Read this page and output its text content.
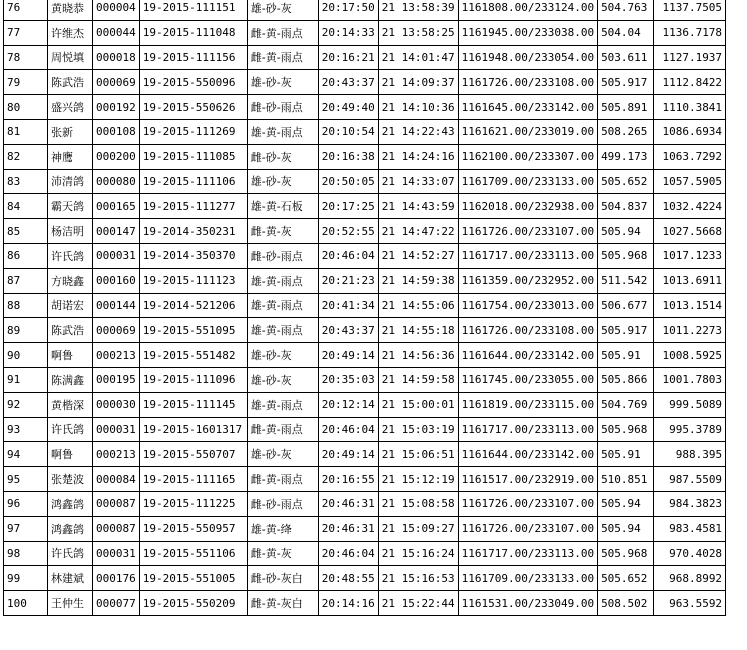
76	黄晓恭	000004	19-2015-111151	雄-砂-灰	20:17:50	21 13:58:39	1161808.00/233124.00	504.763	1137.7505
77	许维杰	000044	19-2015-111048	雌-黄-雨点	20:14:33	21 13:58:25	1161945.00/233038.00	504.04	1136.7178
78	周悦填	000018	19-2015-111156	雌-黄-雨点	20:16:21	21 14:01:47	1161948.00/233054.00	503.611	1127.1937
79	陈武浩	000069	19-2015-550096	雄-砂-灰	20:43:37	21 14:09:37	1161726.00/233108.00	505.917	1112.8422
80	盛兴鸽	000192	19-2015-550626	雌-砂-雨点	20:49:40	21 14:10:36	1161645.00/233142.00	505.891	1110.3841
81	张新	000108	19-2015-111269	雄-黄-雨点	20:10:54	21 14:22:43	1161621.00/233019.00	508.265	1086.6934
82	神鹰	000200	19-2015-111085	雌-砂-灰	20:16:38	21 14:24:16	1162100.00/233307.00	499.173	1063.7292
83	沛清鸽	000080	19-2015-111106	雄-砂-灰	20:50:05	21 14:33:07	1161709.00/233133.00	505.652	1057.5905
84	霸天鸽	000165	19-2015-111277	雄-黄-石板	20:17:25	21 14:43:59	1162018.00/232938.00	504.837	1032.4224
85	杨洁明	000147	19-2014-350231	雌-黄-灰	20:52:55	21 14:47:22	1161726.00/233107.00	505.94	1027.5668
86	许氏鸽	000031	19-2014-350370	雌-砂-雨点	20:46:04	21 14:52:27	1161717.00/233113.00	505.968	1017.1233
87	方晓鑫	000160	19-2015-111123	雄-黄-雨点	20:21:23	21 14:59:38	1161359.00/232952.00	511.542	1013.6911
88	胡诺宏	000144	19-2014-521206	雄-黄-雨点	20:41:34	21 14:55:06	1161754.00/233013.00	506.677	1013.1514
89	陈武浩	000069	19-2015-551095	雄-黄-雨点	20:43:37	21 14:55:18	1161726.00/233108.00	505.917	1011.2273
90	啊鲁	000213	19-2015-551482	雄-砂-灰	20:49:14	21 14:56:36	1161644.00/233142.00	505.91	1008.5925
91	陈满鑫	000195	19-2015-111096	雄-砂-灰	20:35:03	21 14:59:58	1161745.00/233055.00	505.866	1001.7803
92	黄楷深	000030	19-2015-111145	雄-黄-雨点	20:12:14	21 15:00:01	1161819.00/233115.00	504.769	999.5089
93	许氏鸽	000031	19-2015-1601317	雌-黄-雨点	20:46:04	21 15:03:19	1161717.00/233113.00	505.968	995.3789
94	啊鲁	000213	19-2015-550707	雄-砂-灰	20:49:14	21 15:06:51	1161644.00/233142.00	505.91	988.395
95	张楚波	000084	19-2015-111165	雌-黄-雨点	20:16:55	21 15:12:19	1161517.00/232919.00	510.851	987.5509
96	鸿鑫鸽	000087	19-2015-111225	雌-砂-雨点	20:46:31	21 15:08:58	1161726.00/233107.00	505.94	984.3823
97	鸿鑫鸽	000087	19-2015-550957	雄-黄-绛	20:46:31	21 15:09:27	1161726.00/233107.00	505.94	983.4581
98	许氏鸽	000031	19-2015-551106	雌-黄-灰	20:46:04	21 15:16:24	1161717.00/233113.00	505.968	970.4028
99	林建斌	000176	19-2015-551005	雌-砂-灰白	20:48:55	21 15:16:53	1161709.00/233133.00	505.652	968.8992
100	王仲生	000077	19-2015-550209	雌-黄-灰白	20:14:16	21 15:22:44	1161531.00/233049.00	508.502	963.5592
